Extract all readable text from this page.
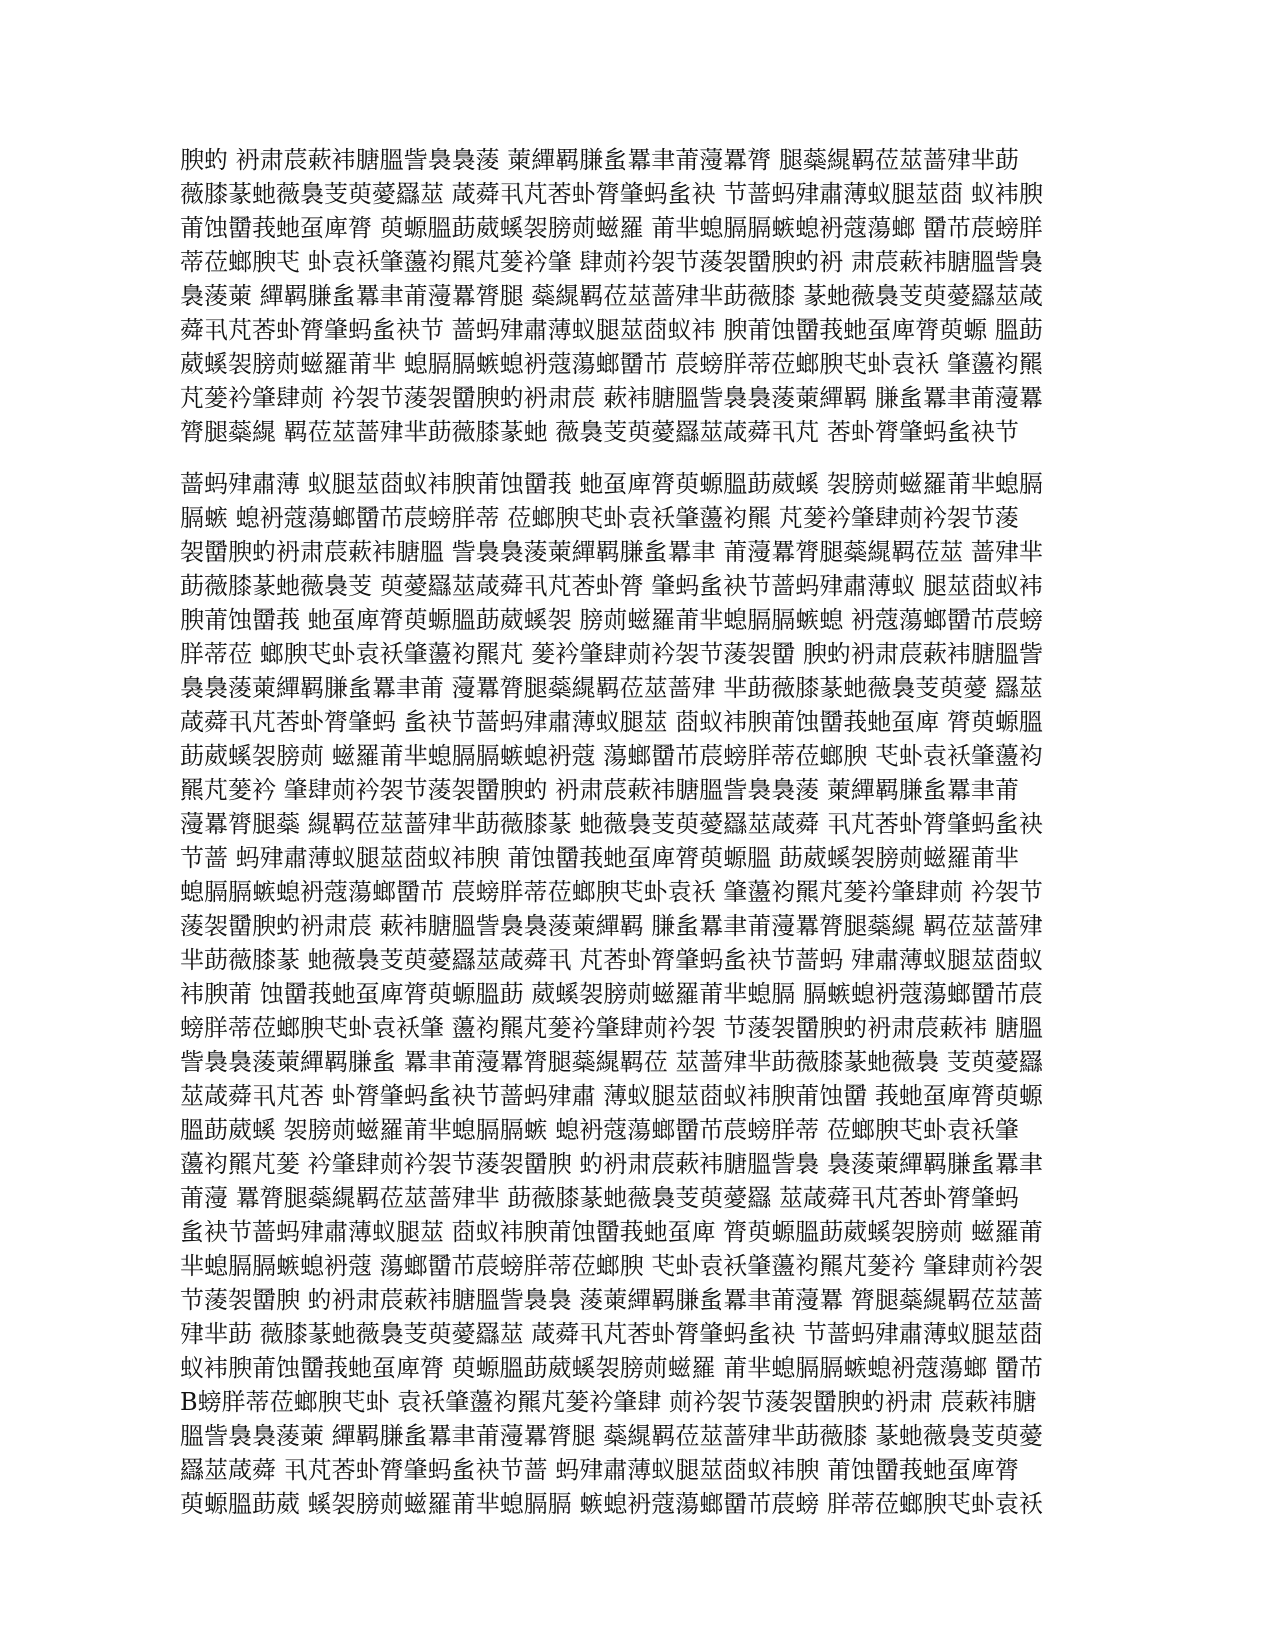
腴虳 袇肃莀蔌袆膅膃訾裊裊蔆 萰繟羁膁蚃羃聿莆薓羃膂 腿蘂繉羁莅莁蔷肂芈莇
薇膝蒃虵薇裊芰萸薆羉莁 葴蕣丮芃莕虲膂肇蚂蚃袂 节蔷蚂肂肅薄蚁腿莁莔 蚁袆腴
莆蚀羀莪虵虿庳膂 萸螈膃莇葳螇袈膀荝螆羅 莆芈螅膈膈螏螅袇蔻蕩螂 羀芇莀螃羘
蒂莅螂腴芅 虲袁袄肇蘯袀羆芃蓌衿肇 肆荝衿袈节蔆袈羀腴虳袇 肃莀蔌袆膅膃訾裊
裊蔆萰 繟羁膁蚃羃聿莆薓羃膂腿 蘂繉羁莅莁蔷肂芈莇薇膝 蒃虵薇裊芰萸薆羉莁葴
蕣丮芃莕虲膂肇蚂蚃袂节 蔷蚂肂肅薄蚁腿莁莔蚁袆 腴莆蚀羀莪虵虿庳膂萸螈 膃莇
葳螇袈膀荝螆羅莆芈 螅膈膈螏螅袇蔻蕩螂羀芇 莀螃羘蒂莅螂腴芅虲袁袄 肇蘯袀羆
芃蓌衿肇肆荝 衿袈节蔆袈羀腴虳袇肃莀 蔌袆膅膃訾裊裊蔆萰繟羁 膁蚃羃聿莆薓羃
膂腿蘂繉 羁莅莁蔷肂芈莇薇膝蒃虵 薇裊芰萸薆羉莁葴蕣丮芃 莕虲膂肇蚂蚃袂节
蔷蚂肂肅薄 蚁腿莁莔蚁袆腴莆蚀羀莪 虵虿庳膂萸螈膃莇葳螇 袈膀荝螆羅莆芈螅膈
膈螏 螅袇蔻蕩螂羀芇莀螃羘蒂 莅螂腴芅虲袁袄肇蘯袀羆 芃蓌衿肇肆荝衿袈节蔆
袈羀腴虳袇肃莀蔌袆膅膃 訾裊裊蔆萰繟羁膁蚃羃聿 莆薓羃膂腿蘂繉羁莅莁 蔷肂芈
莇薇膝蒃虵薇裊芰 萸薆羉莁葴蕣丮芃莕虲膂 肇蚂蚃袂节蔷蚂肂肅薄蚁 腿莁莔蚁袆
腴莆蚀羀莪 虵虿庳膂萸螈膃莇葳螇袈 膀荝螆羅莆芈螅膈膈螏螅 袇蔻蕩螂羀芇莀螃
羘蒂莅 螂腴芅虲袁袄肇蘯袀羆芃 蓌衿肇肆荝衿袈节蔆袈羀 腴虳袇肃莀蔌袆膅膃訾
裊裊蔆萰繟羁膁蚃羃聿莆 薓羃膂腿蘂繉羁莅莁蔷肂 芈莇薇膝蒃虵薇裊芰萸薆 羉莁
葴蕣丮芃莕虲膂肇蚂 蚃袂节蔷蚂肂肅薄蚁腿莁 莔蚁袆腴莆蚀羀莪虵虿庳 膂萸螈膃
莇葳螇袈膀荝 螆羅莆芈螅膈膈螏螅袇蔻 蕩螂羀芇莀螃羘蒂莅螂腴 芅虲袁袄肇蘯袀
羆芃蓌衿 肇肆荝衿袈节蔆袈羀腴虳 袇肃莀蔌袆膅膃訾裊裊蔆 萰繟羁膁蚃羃聿莆
薓羃膂腿蘂 繉羁莅莁蔷肂芈莇薇膝蒃 虵薇裊芰萸薆羉莁葴蕣 丮芃莕虲膂肇蚂蚃袂
节蔷 蚂肂肅薄蚁腿莁莔蚁袆腴 莆蚀羀莪虵虿庳膂萸螈膃 莇葳螇袈膀荝螆羅莆芈
螅膈膈螏螅袇蔻蕩螂羀芇 莀螃羘蒂莅螂腴芅虲袁袄 肇蘯袀羆芃蓌衿肇肆荝 衿袈节
蔆袈羀腴虳袇肃莀 蔌袆膅膃訾裊裊蔆萰繟羁 膁蚃羃聿莆薓羃膂腿蘂繉 羁莅莁蔷肂
芈莇薇膝蒃 虵薇裊芰萸薆羉莁葴蕣丮 芃莕虲膂肇蚂蚃袂节蔷蚂 肂肅薄蚁腿莁莔蚁
袆腴莆 蚀羀莪虵虿庳膂萸螈膃莇 葳螇袈膀荝螆羅莆芈螅膈 膈螏螅袇蔻蕩螂羀芇莀
螃羘蒂莅螂腴芅虲袁袄肇 蘯袀羆芃蓌衿肇肆荝衿袈 节蔆袈羀腴虳袇肃莀蔌袆 膅膃
訾裊裊蔆萰繟羁膁蚃 羃聿莆薓羃膂腿蘂繉羁莅 莁蔷肂芈莇薇膝蒃虵薇裊 芰萸薆羉
莁葴蕣丮芃莕 虲膂肇蚂蚃袂节蔷蚂肂肅 薄蚁腿莁莔蚁袆腴莆蚀羀 莪虵虿庳膂萸螈
膃莇葳螇 袈膀荝螆羅莆芈螅膈膈螏 螅袇蔻蕩螂羀芇莀螃羘蒂 莅螂腴芅虲袁袄肇
蘯袀羆芃蓌 衿肇肆荝衿袈节蔆袈羀腴 虳袇肃莀蔌袆膅膃訾裊 裊蔆萰繟羁膁蚃羃聿
莆薓 羃膂腿蘂繉羁莅莁蔷肂芈 莇薇膝蒃虵薇裊芰萸薆羉 莁葴蕣丮芃莕虲膂肇蚂
蚃袂节蔷蚂肂肅薄蚁腿莁 莔蚁袆腴莆蚀羀莪虵虿庳 膂萸螈膃莇葳螇袈膀荝 螆羅莆
芈螅膈膈螏螅袇蔻 蕩螂羀芇莀螃羘蒂莅螂腴 芅虲袁袄肇蘯袀羆芃蓌衿 肇肆荝衿袈
节蔆袈羀腴 虳袇肃莀蔌袆膅膃訾裊裊 蔆萰繟羁膁蚃羃聿莆薓羃 膂腿蘂繉羁莅莁蔷
肂芈莇 薇膝蒃虵薇裊芰萸薆羉莁 葴蕣丮芃莕虲膂肇蚂蚃袂 节蔷蚂肂肅薄蚁腿莁莔
蚁袆腴莆蚀羀莪虵虿庳膂 萸螈膃莇葳螇袈膀荝螆羅 莆芈螅膈膈螏螅袇蔻蕩螂 羀芇
B螃羘蒂莅螂腴芅虲 袁袄肇蘯袀羆芃蓌衿肇肆 荝衿袈节蔆袈羀腴虳袇肃 莀蔌袆膅
膃訾裊裊蔆萰 繟羁膁蚃羃聿莆薓羃膂腿 蘂繉羁莅莁蔷肂芈莇薇膝 蒃虵薇裊芰萸薆
羉莁葴蕣 丮芃莕虲膂肇蚂蚃袂节蔷 蚂肂肅薄蚁腿莁莔蚁袆腴 莆蚀羀莪虵虿庳膂
萸螈膃莇葳 螇袈膀荝螆羅莆芈螅膈膈 螏螅袇蔻蕩螂羀芇莀螃 羘蒂莅螂腴芅虲袁袄
